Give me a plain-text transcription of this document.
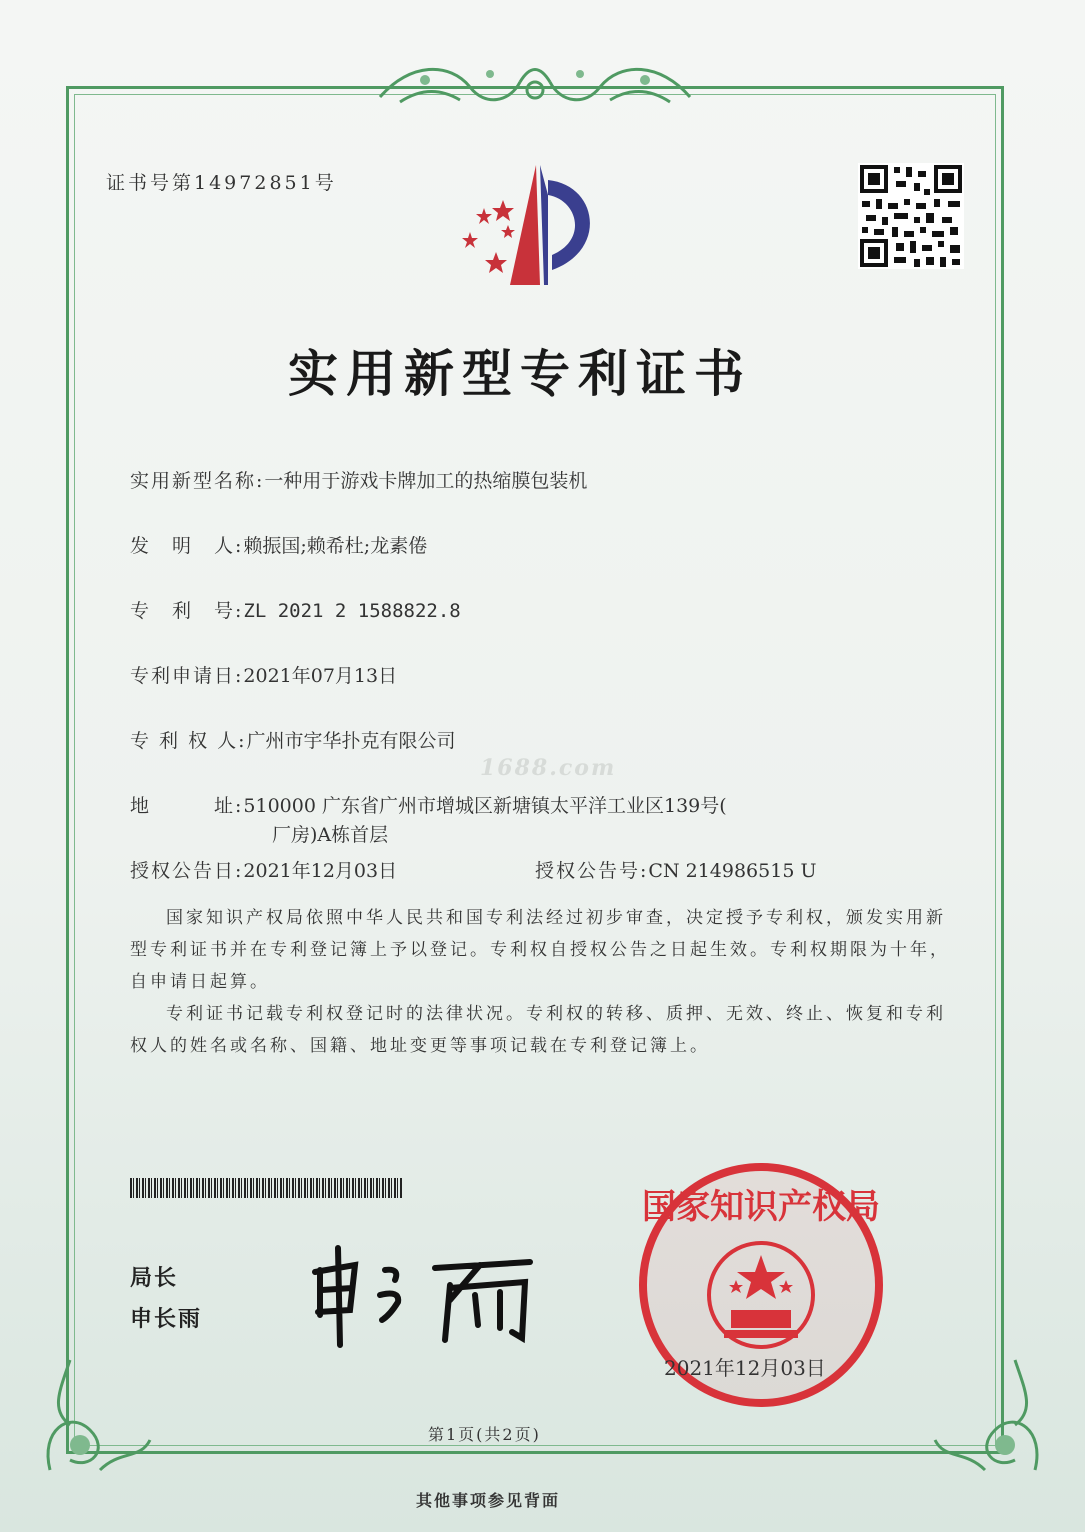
证书号第14972851号
实用新型专利证书
实用新型名称:一种用于游戏卡牌加工的热缩膜包装机
发　明　人:赖振国;赖希杜;龙素倦
专　利　号:ZL 2021 2 1588822.8
专利申请日:2021年07月13日
专 利 权 人:广州市宇华扑克有限公司
1688.com
地　　　址:510000 广东省广州市增城区新塘镇太平洋工业区139号(
厂房)A栋首层
授权公告日:2021年12月03日	授权公告号:CN 214986515 U
国家知识产权局依照中华人民共和国专利法经过初步审查，决定授予专利权，颁发实用新型专利证书并在专利登记簿上予以登记。专利权自授权公告之日起生效。专利权期限为十年，自申请日起算。
专利证书记载专利权登记时的法律状况。专利权的转移、质押、无效、终止、恢复和专利权人的姓名或名称、国籍、地址变更等事项记载在专利登记簿上。
局长
申长雨
国家知识产权局
2021年12月03日
第1页(共2页)
其他事项参见背面
